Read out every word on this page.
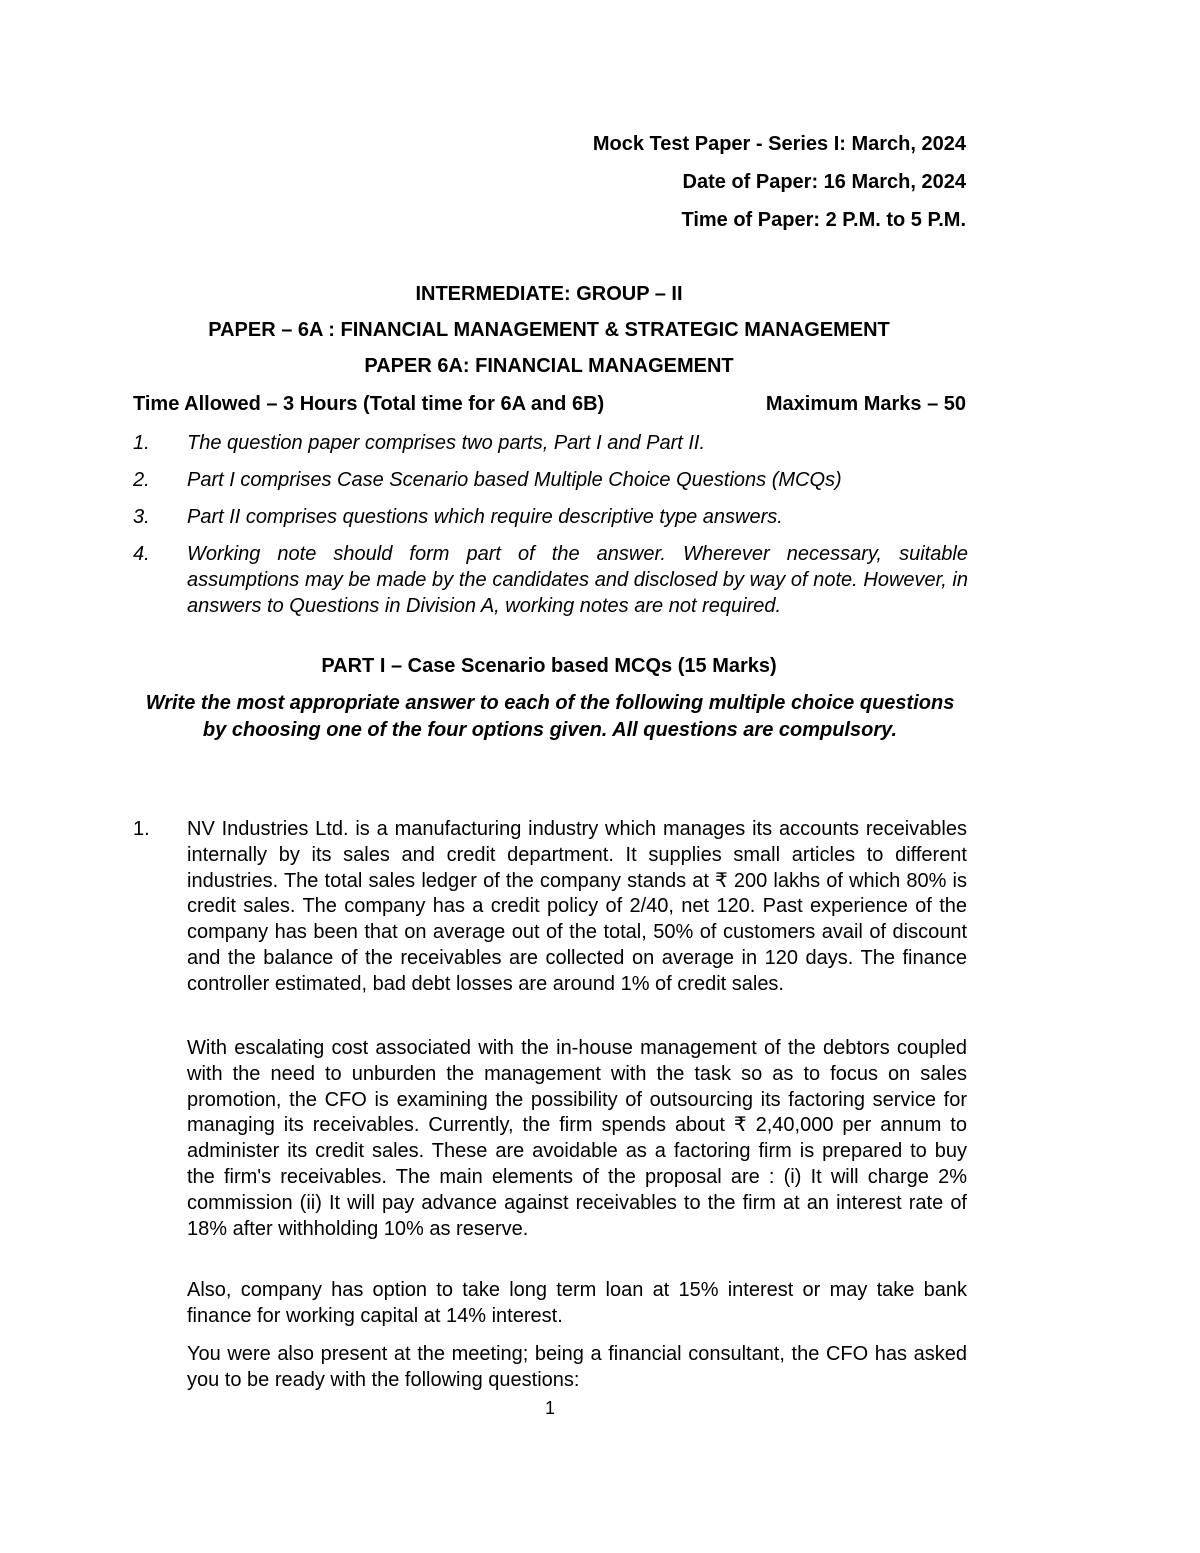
Mock Test Paper - Series I: March, 2024
Date of Paper: 16 March, 2024
Time of Paper: 2 P.M. to 5 P.M.
INTERMEDIATE: GROUP – II
PAPER – 6A : FINANCIAL MANAGEMENT & STRATEGIC MANAGEMENT
PAPER 6A: FINANCIAL MANAGEMENT
Time Allowed – 3 Hours (Total time for 6A and 6B)	Maximum Marks – 50
1. The question paper comprises two parts, Part I and Part II.
2. Part I comprises Case Scenario based Multiple Choice Questions (MCQs)
3. Part II comprises questions which require descriptive type answers.
4. Working note should form part of the answer. Wherever necessary, suitable assumptions may be made by the candidates and disclosed by way of note. However, in answers to Questions in Division A, working notes are not required.
PART I – Case Scenario based MCQs (15 Marks)
Write the most appropriate answer to each of the following multiple choice questions by choosing one of the four options given. All questions are compulsory.
1. NV Industries Ltd. is a manufacturing industry which manages its accounts receivables internally by its sales and credit department. It supplies small articles to different industries. The total sales ledger of the company stands at ₹ 200 lakhs of which 80% is credit sales. The company has a credit policy of 2/40, net 120. Past experience of the company has been that on average out of the total, 50% of customers avail of discount and the balance of the receivables are collected on average in 120 days. The finance controller estimated, bad debt losses are around 1% of credit sales.
With escalating cost associated with the in-house management of the debtors coupled with the need to unburden the management with the task so as to focus on sales promotion, the CFO is examining the possibility of outsourcing its factoring service for managing its receivables. Currently, the firm spends about ₹ 2,40,000 per annum to administer its credit sales. These are avoidable as a factoring firm is prepared to buy the firm's receivables. The main elements of the proposal are : (i) It will charge 2% commission (ii) It will pay advance against receivables to the firm at an interest rate of 18% after withholding 10% as reserve.
Also, company has option to take long term loan at 15% interest or may take bank finance for working capital at 14% interest.
You were also present at the meeting; being a financial consultant, the CFO has asked you to be ready with the following questions:
1
